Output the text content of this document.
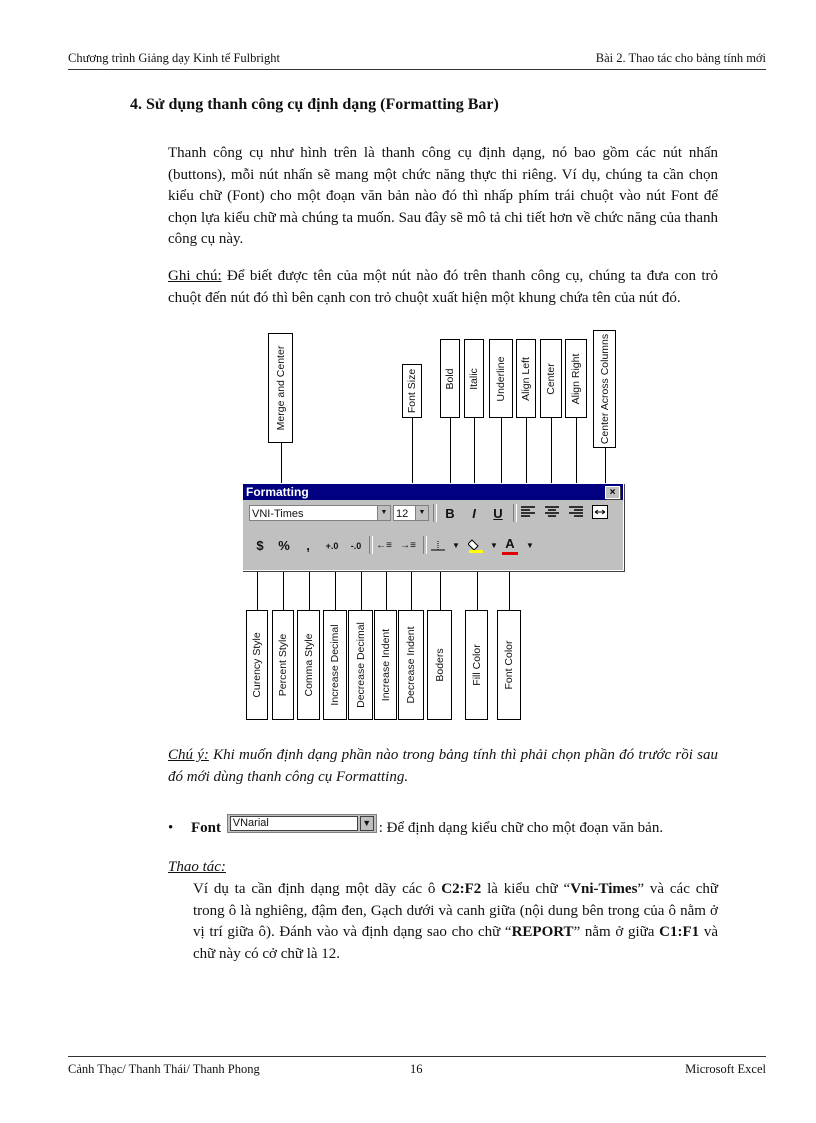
Chương trình Giảng dạy Kinh tế Fulbright	Bài 2. Thao tác cho bảng tính mới
4. Sử dụng thanh công cụ định dạng (Formatting Bar)

Thanh công cụ như hình trên là thanh công cụ định dạng, nó bao gồm các nút nhấn (buttons), mỗi nút nhấn sẽ mang một chức năng thực thi riêng. Ví dụ, chúng ta cần chọn kiểu chữ (Font) cho một đoạn văn bản nào đó thì nhấp phím trái chuột vào nút Font để chọn lựa kiểu chữ mà chúng ta muốn. Sau đây sẽ mô tả chi tiết hơn về chức năng của thanh công cụ này.

Ghi chú: Để biết được tên của một nút nào đó trên thanh công cụ, chúng ta đưa con trỏ chuột đến nút đó thì bên cạnh con trỏ chuột xuất hiện một khung chứa tên của nút đó.

Merge and Center	Font Size Bold Italic Underline Align Left Center Align Right Center Across Columns
Curency Style Percent Style Comma Style Increase Decimal Decrease Decimal Increase Indent Decrease Indent Boders Fill Color Font Color
Formatting	×
VNI-Times	▼ 12	▼	B	I	U
$	%	,	+.0	-.0	←≡ →≡	▼	▼ A	▼

Chú ý: Khi muốn định dạng phần nào trong bảng tính thì phải chọn phần đó trước rồi sau đó mới dùng thanh công cụ Formatting.

• Font VNarial	▼ : Để định dạng kiểu chữ cho một đoạn văn bản.
Thao tác:

Ví dụ ta cần định dạng một dãy các ô C2:F2 là kiểu chữ “Vni-Times” và các chữ trong ô là nghiêng, đậm đen, Gạch dưới và canh giữa (nội dung bên trong của ô nằm ở vị trí giữa ô). Đánh vào và định dạng sao cho chữ “REPORT” nằm ở giữa C1:F1 và chữ này có cở chữ là 12.

Cảnh Thạc/ Thanh Thái/ Thanh Phong	16	Microsoft Excel
